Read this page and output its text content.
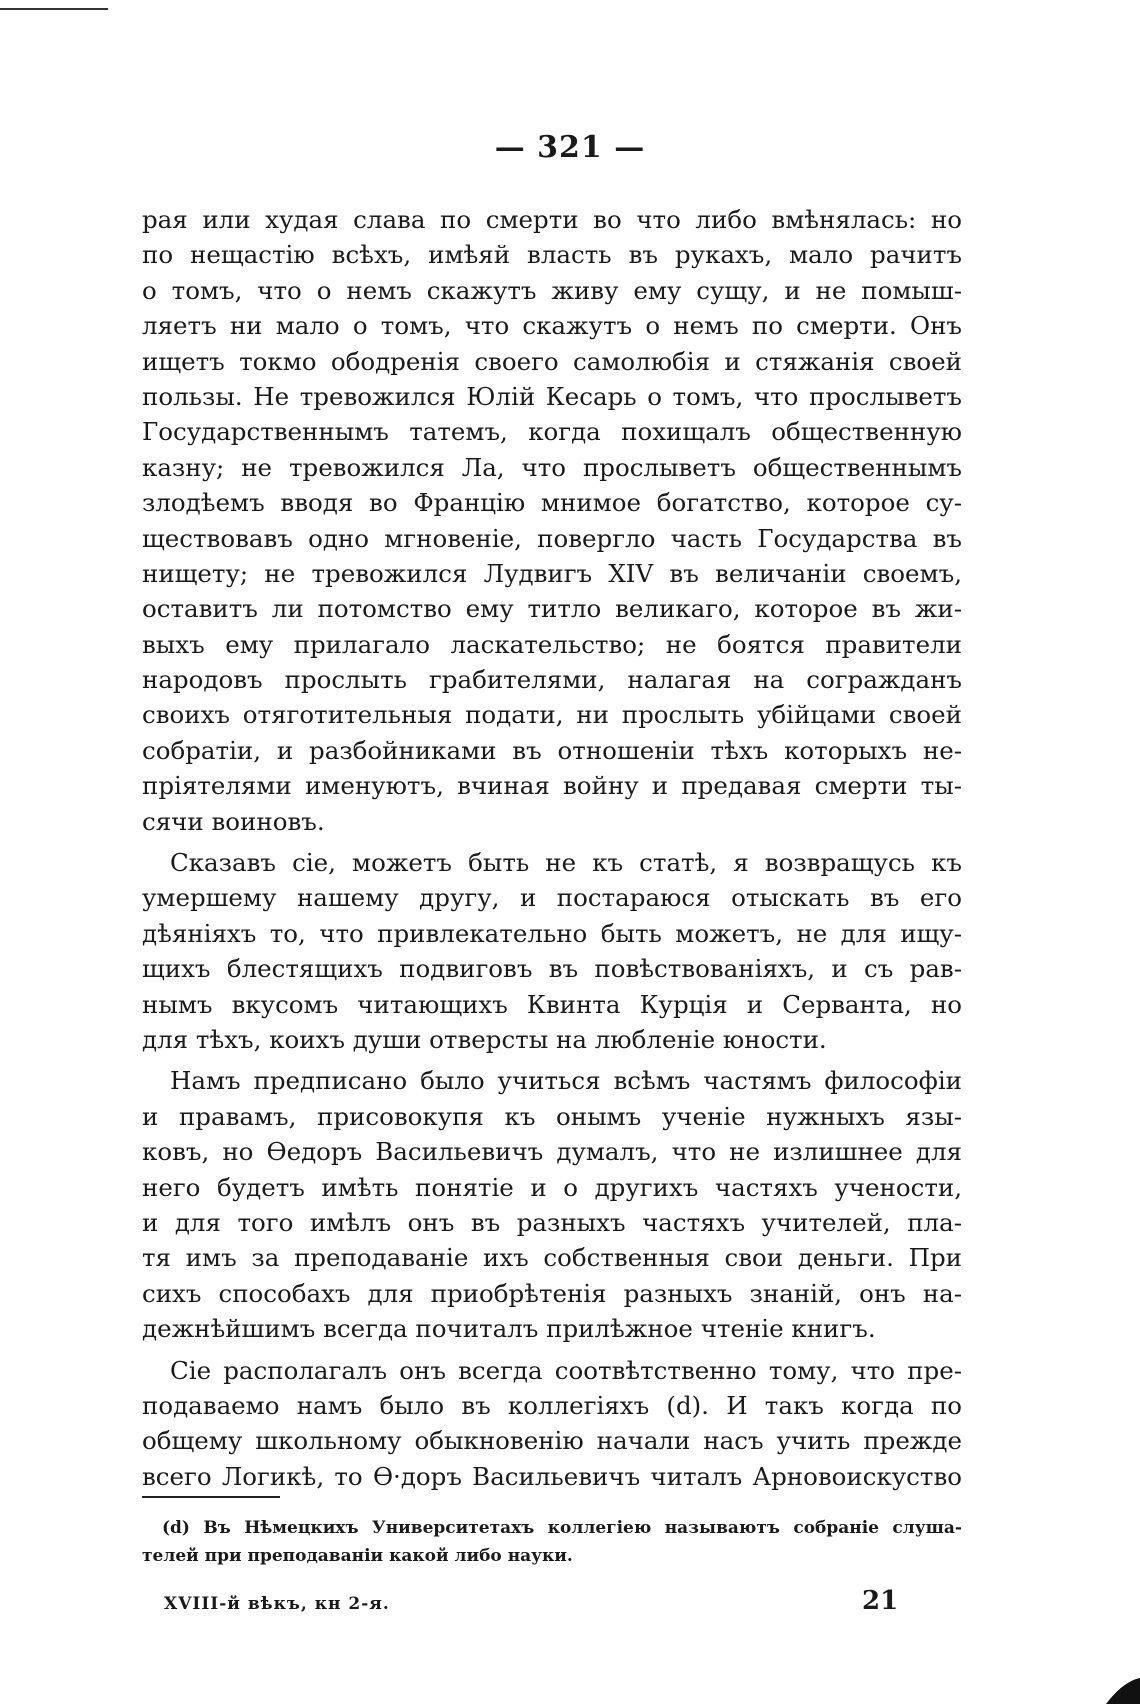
— 321 —
рая или худая слава по смерти во что либо вмѣнялась: но
по нещастію всѣхъ, имѣяй власть въ рукахъ, мало рачитъ
о томъ, что о немъ скажутъ живу ему сущу, и не помыш-
ляетъ ни мало о томъ, что скажутъ о немъ по смерти. Онъ
ищетъ токмо ободренія своего самолюбія и стяжанія своей
пользы. Не тревожился Юлій Кесарь о томъ, что прослыветъ
Государственнымъ татемъ, когда похищалъ общественную
казну; не тревожился Ла, что прослыветъ общественнымъ
злодѣемъ вводя во Францію мнимое богатство, которое су-
ществовавъ одно мгновеніе, повергло часть Государства въ
нищету; не тревожился Лудвигъ XIV въ величаніи своемъ,
оставитъ ли потомство ему титло великаго, которое въ жи-
выхъ ему прилагало ласкательство; не боятся правители
народовъ прослыть грабителями, налагая на согражданъ
своихъ отяготительныя подати, ни прослыть убійцами своей
собратіи, и разбойниками въ отношеніи тѣхъ которыхъ не-
пріятелями именуютъ, вчиная войну и предавая смерти ты-
сячи воиновъ.
Сказавъ сіе, можетъ быть не къ статѣ, я возвращусь къ
умершему нашему другу, и постараюся отыскать въ его
дѣяніяхъ то, что привлекательно быть можетъ, не для ищу-
щихъ блестящихъ подвиговъ въ повѣствованіяхъ, и съ рав-
нымъ вкусомъ читающихъ Квинта Курція и Серванта, но
для тѣхъ, коихъ души отверсты на любленіе юности.
Намъ предписано было учиться всѣмъ частямъ философіи
и правамъ, присовокупя къ онымъ ученіе нужныхъ язы-
ковъ, но Ѳедоръ Васильевичъ думалъ, что не излишнее для
него будетъ имѣть понятіе и о другихъ частяхъ учености,
и для того имѣлъ онъ въ разныхъ частяхъ учителей, пла-
тя имъ за преподаваніе ихъ собственныя свои деньги. При
сихъ способахъ для приобрѣтенія разныхъ знаній, онъ на-
дежнѣйшимъ всегда почиталъ прилѣжное чтеніе книгъ.
Сіе располагалъ онъ всегда соотвѣтственно тому, что пре-
подаваемо намъ было въ коллегіяхъ (d). И такъ когда по
общему школьному обыкновенію начали насъ учить прежде
всего Логикѣ, то Ѳ·доръ Васильевичъ читалъ Арновоискуство
(d) Въ Нѣмецкихъ Университетахъ коллегіею называютъ собраніе слуша-
телей при преподаваніи какой либо науки.
XVIII-й вѣкъ, кн 2-я.	21
